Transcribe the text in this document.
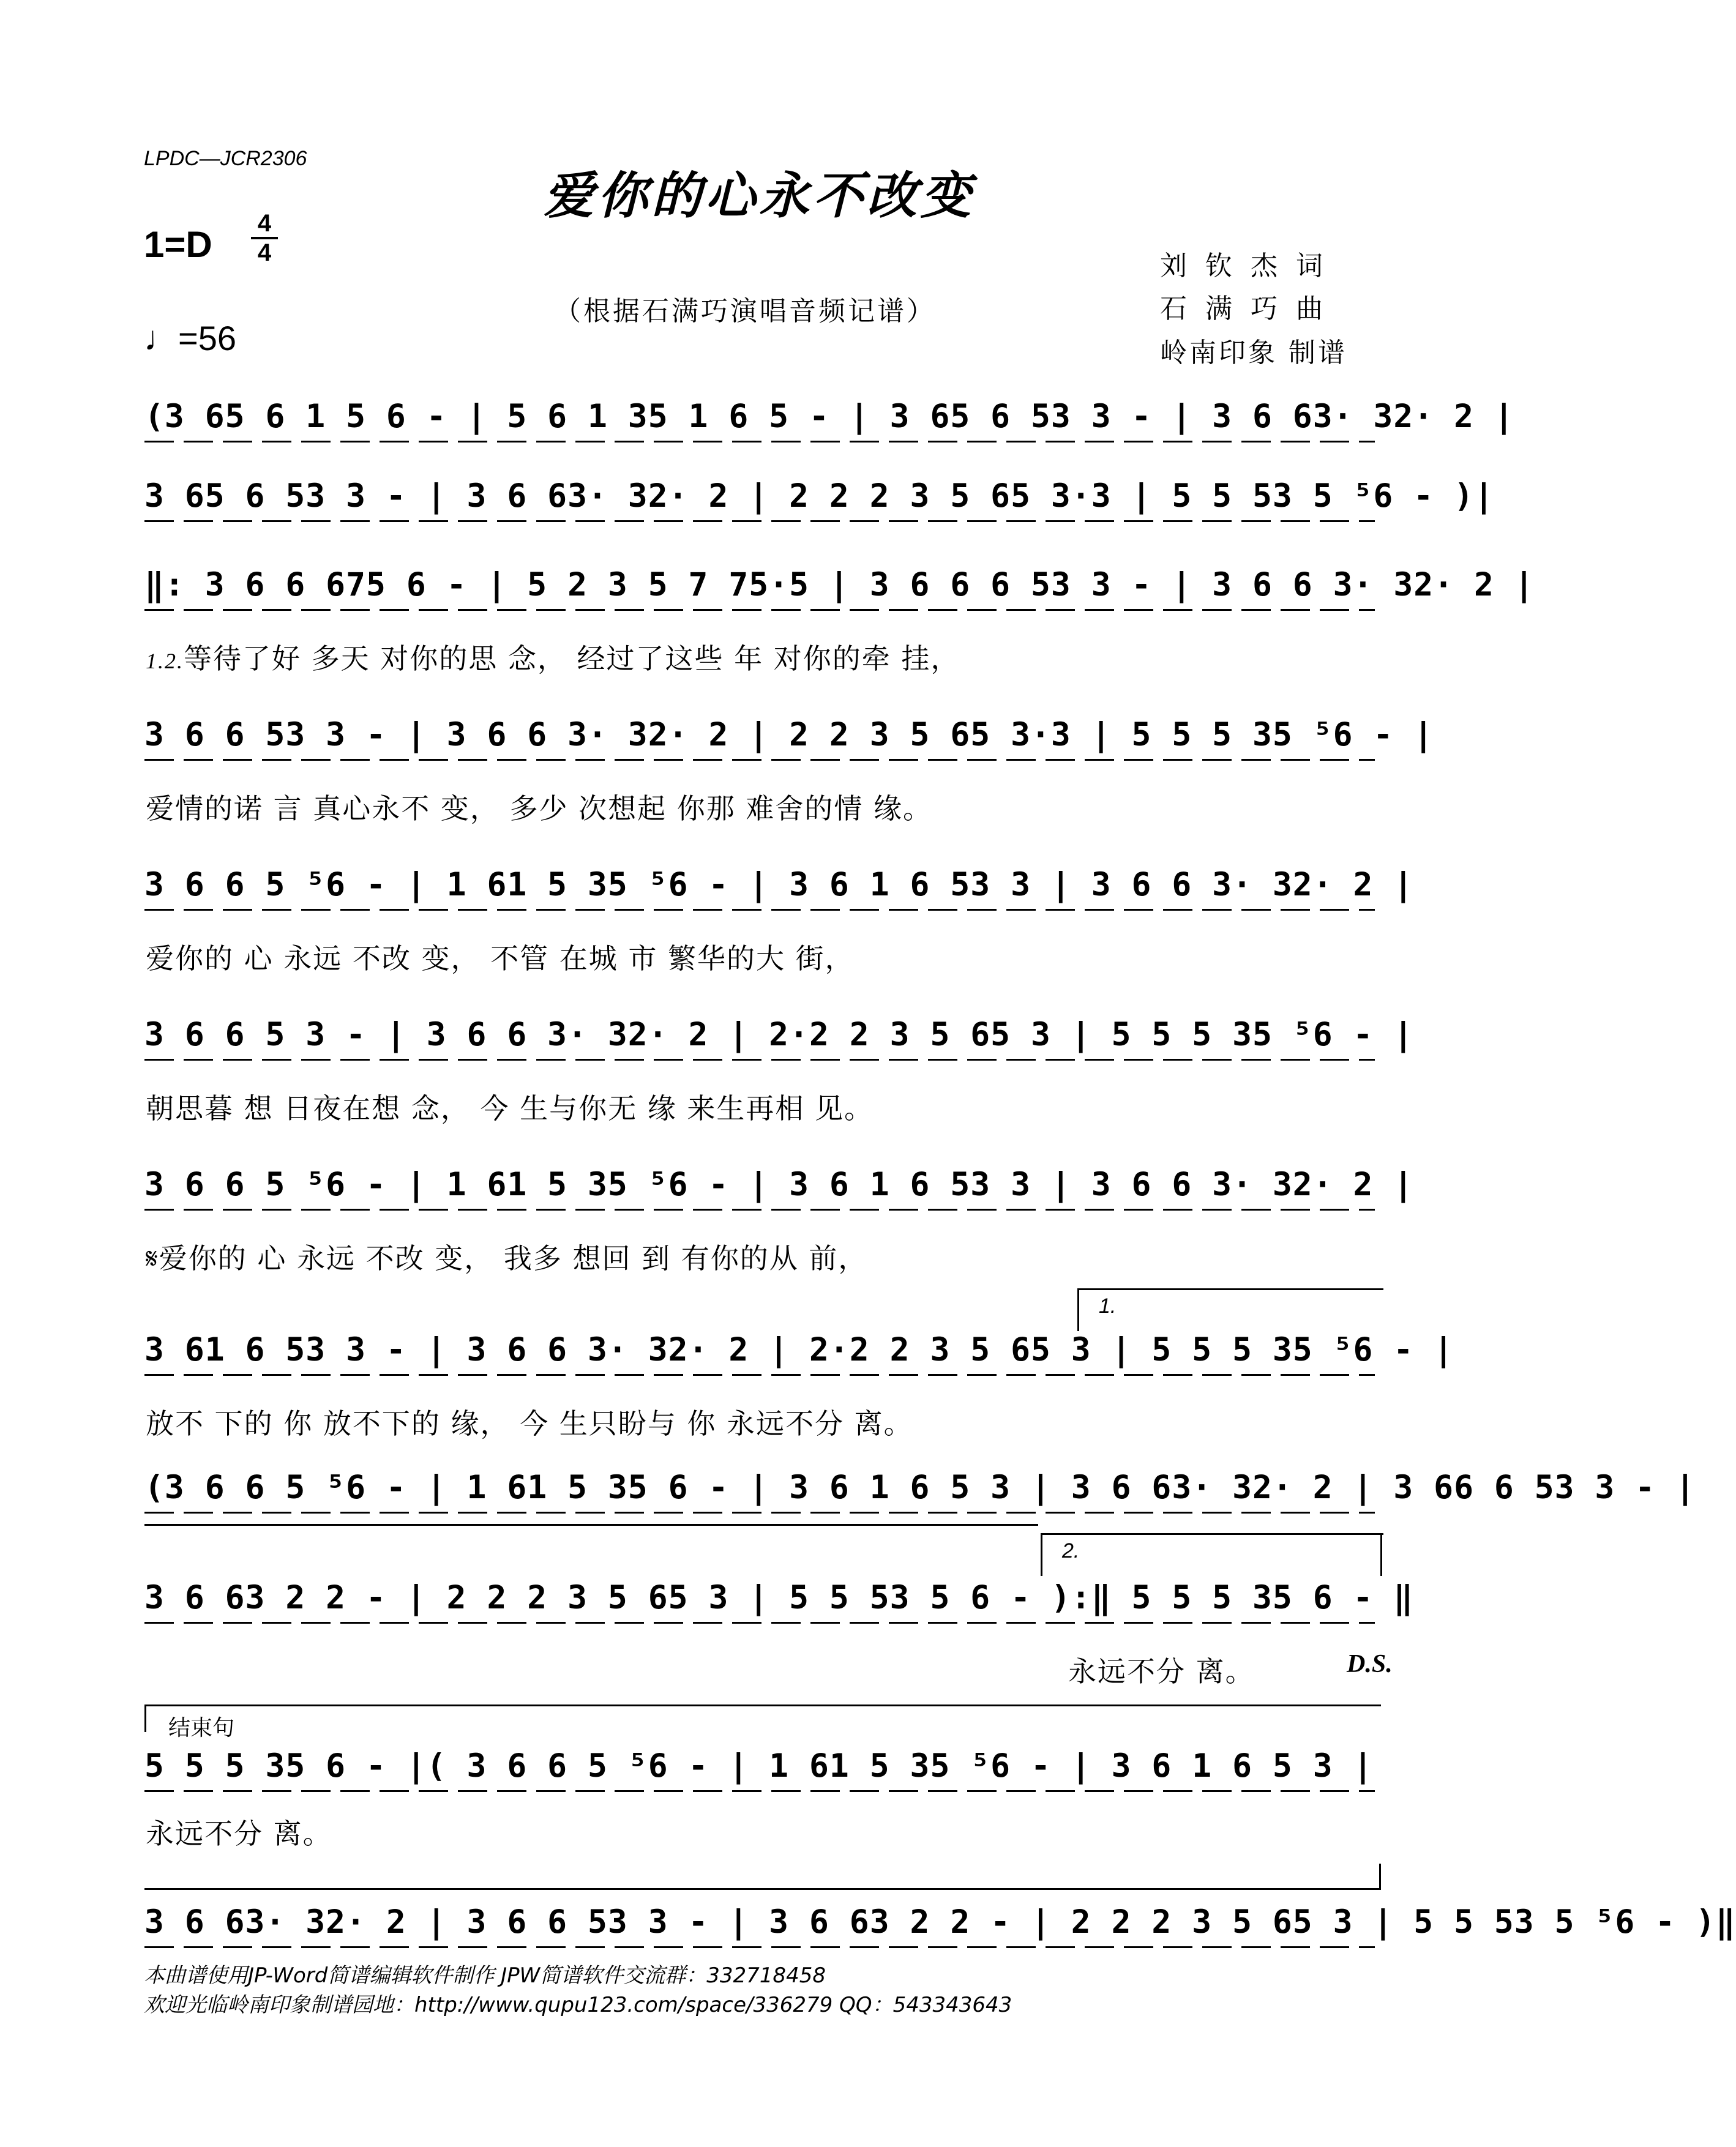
LPDC—JCR2306
爱你的心永不改变
1=D
4
4
♩=56
（根据石满巧演唱音频记谱）
刘 钦 杰 词
石 满 巧 曲
岭南印象 制谱
(3 65 6 1 5 6 - | 5 6 1 35 1 6 5 - | 3 65 6 53 3 - | 3 6 63· 32· 2 |
3 65 6 53 3 - | 3 6 63· 32· 2 | 2 2 2 3 5 65 3·3 | 5 5 53 5 ⁵6 - )|
‖: 3 6 6 675 6 - | 5 2 3 5 7 75·5 | 3 6 6 6 53 3 - | 3 6 6 3· 32· 2 |
1.2.等待了好 多天 对你的思 念， 经过了这些 年 对你的牵 挂，
3 6 6 53 3 - | 3 6 6 3· 32· 2 | 2 2 3 5 65 3·3 | 5 5 5 35 ⁵6 - |
爱情的诺 言 真心永不 变， 多少 次想起 你那 难舍的情 缘。
3 6 6 5 ⁵6 - | 1 61 5 35 ⁵6 - | 3 6 1 6 53 3 | 3 6 6 3· 32· 2 |
爱你的 心 永远 不改 变， 不管 在城 市 繁华的大 街，
3 6 6 5 3 - | 3 6 6 3· 32· 2 | 2·2 2 3 5 65 3 | 5 5 5 35 ⁵6 - |
朝思暮 想 日夜在想 念， 今 生与你无 缘 来生再相 见。
3 6 6 5 ⁵6 - | 1 61 5 35 ⁵6 - | 3 6 1 6 53 3 | 3 6 6 3· 32· 2 |
𝄋爱你的 心 永远 不改 变， 我多 想回 到 有你的从 前，
1.
3 61 6 53 3 - | 3 6 6 3· 32· 2 | 2·2 2 3 5 65 3 | 5 5 5 35 ⁵6 - |
放不 下的 你 放不下的 缘， 今 生只盼与 你 永远不分 离。
(3 6 6 5 ⁵6 - | 1 61 5 35 6 - | 3 6 1 6 5 3 | 3 6 63· 32· 2 | 3 66 6 53 3 - |
2.
3 6 63 2 2 - | 2 2 2 3 5 65 3 | 5 5 53 5 6 - ):‖ 5 5 5 35 6 - ‖
永远不分 离。	D.S.
结束句
5 5 5 35 6 - |( 3 6 6 5 ⁵6 - | 1 61 5 35 ⁵6 - | 3 6 1 6 5 3 |
永远不分 离。
3 6 63· 32· 2 | 3 6 6 53 3 - | 3 6 63 2 2 - | 2 2 2 3 5 65 3 | 5 5 53 5 ⁵6 - )‖
本曲谱使用JP-Word简谱编辑软件制作 JPW简谱软件交流群：332718458
欢迎光临岭南印象制谱园地：http://www.qupu123.com/space/336279 QQ：543343643
